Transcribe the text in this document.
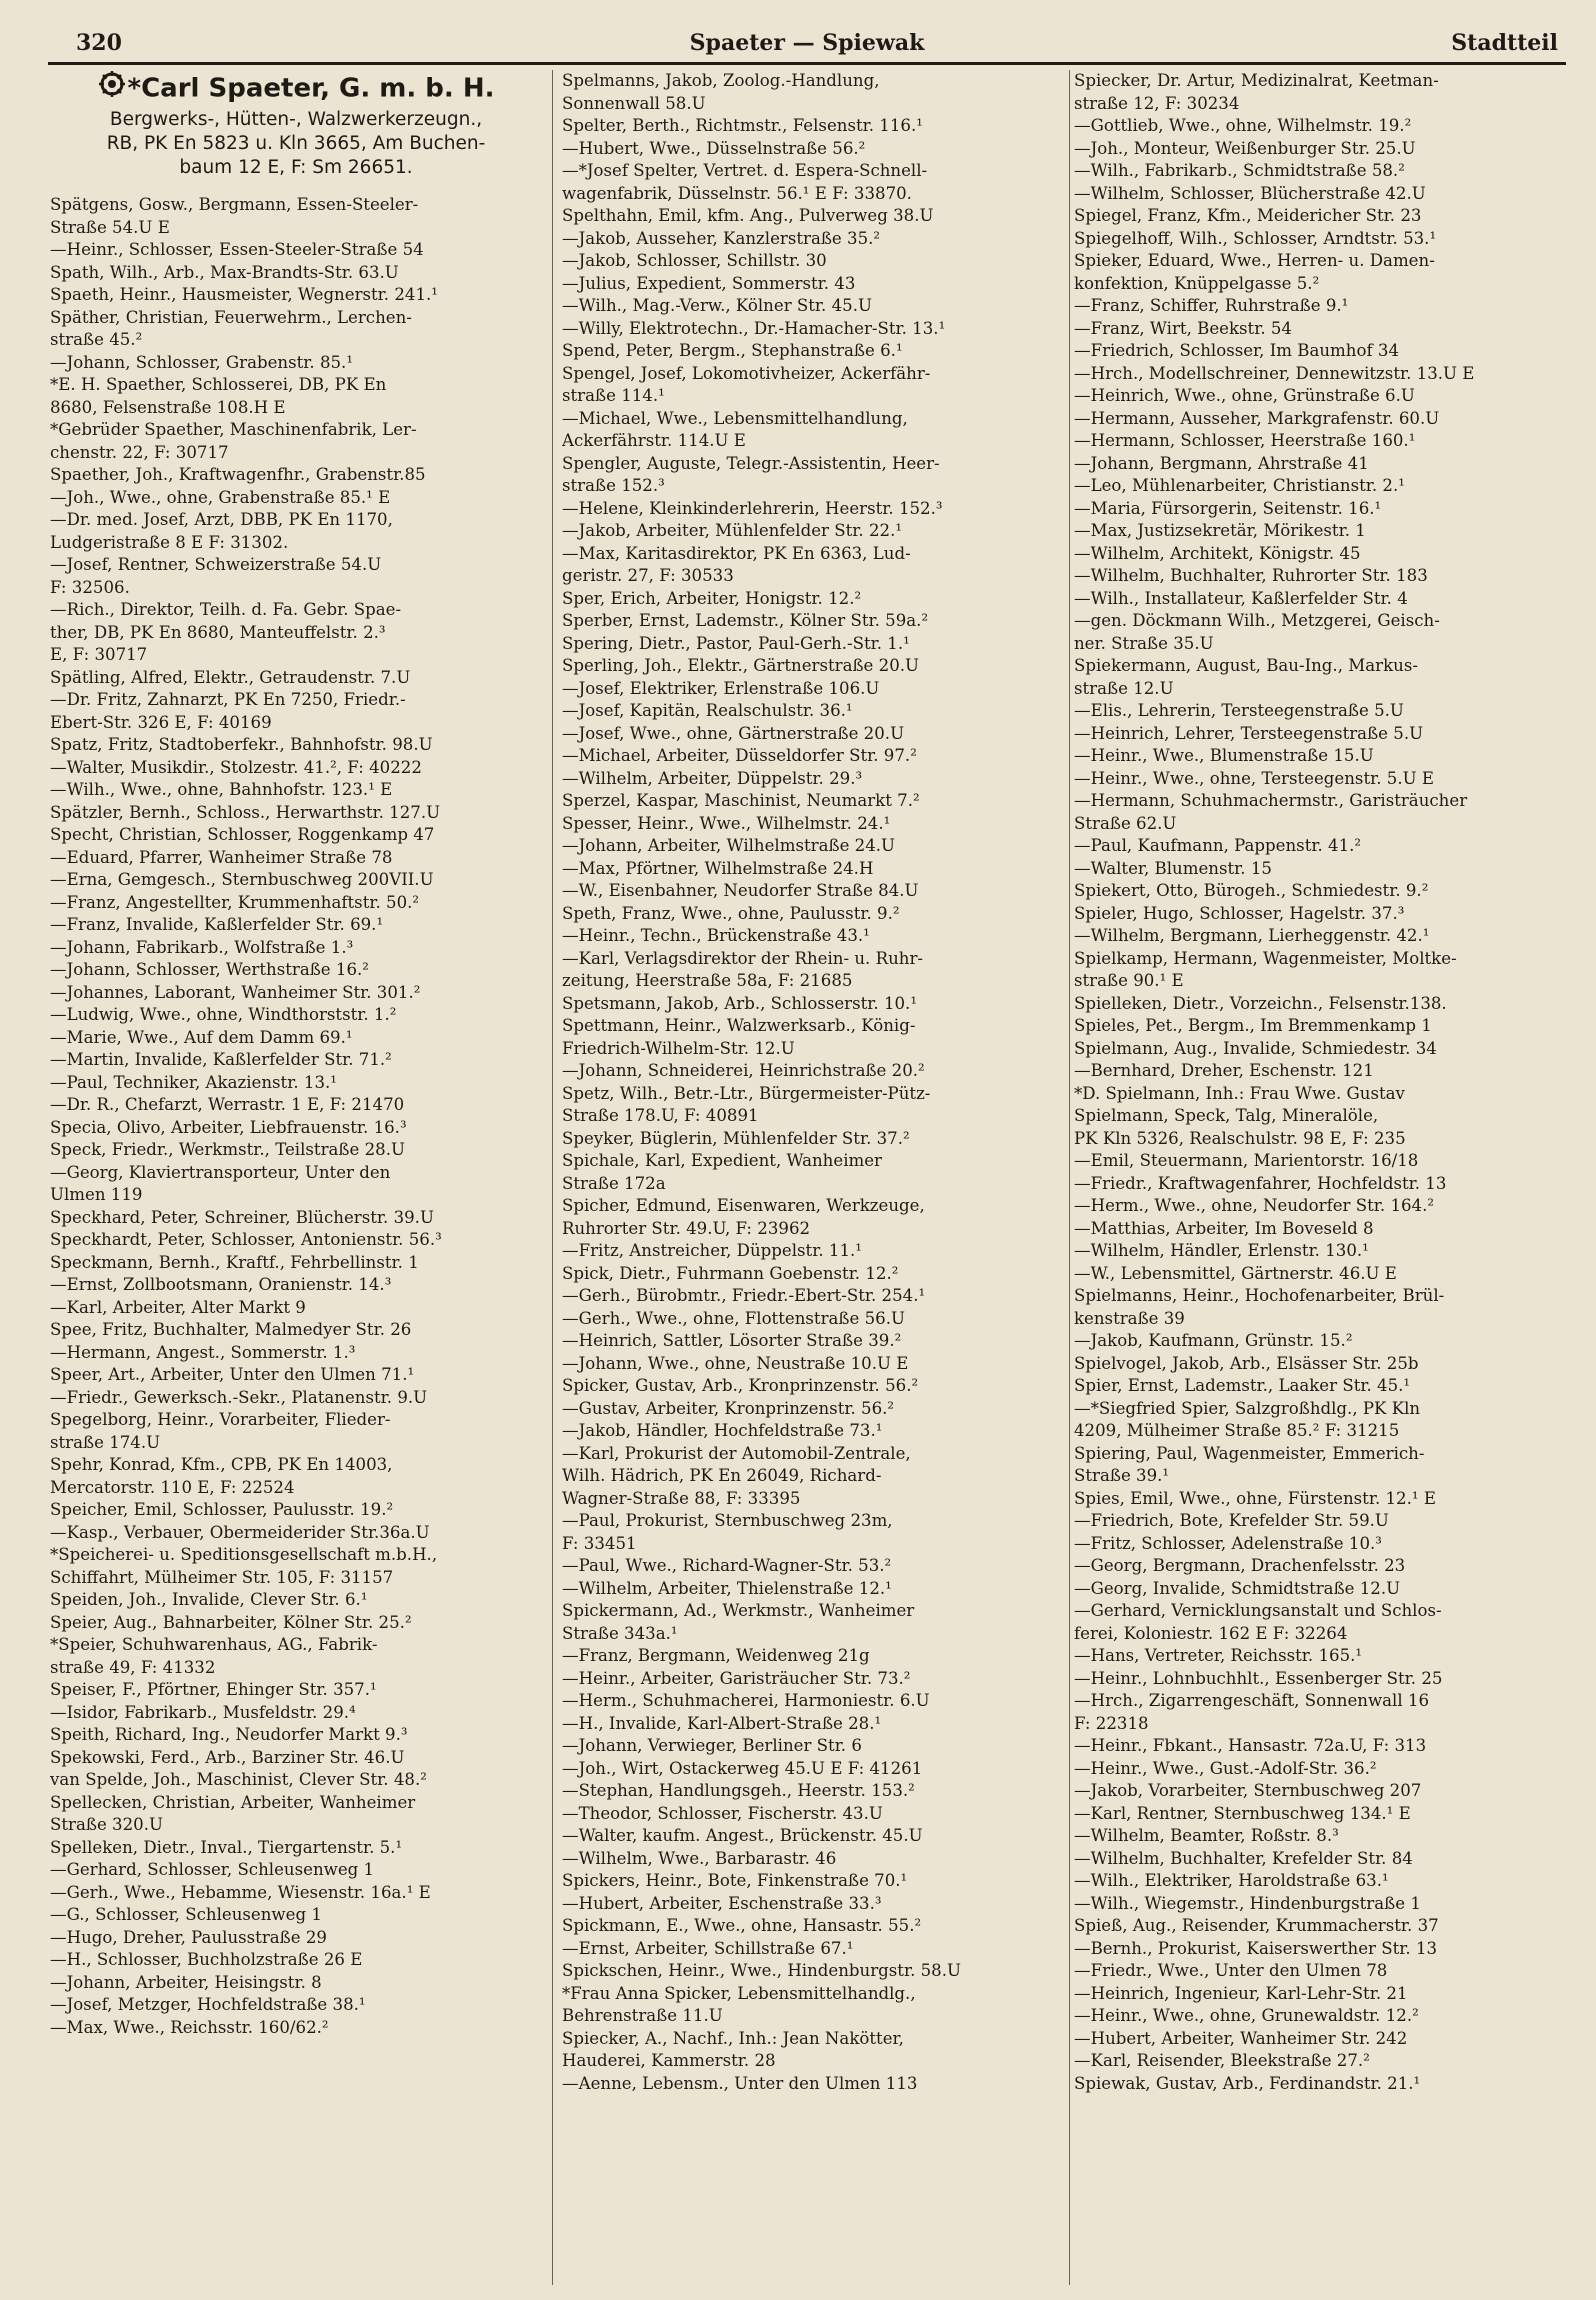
320	Spaeter — Spiewak	Stadtteil
*Carl Spaeter, G. m. b. H.
Bergwerks-, Hütten-, Walzwerkerzeugn.,
RB, PK En 5823 u. Kln 3665, Am Buchen-
baum 12 E, F: Sm 26651.
Spätgens, Gosw., Bergmann, Essen-Steeler-
Straße 54.U E
—Heinr., Schlosser, Essen-Steeler-Straße 54
Spath, Wilh., Arb., Max-Brandts-Str. 63.U
Spaeth, Heinr., Hausmeister, Wegnerstr. 241.¹
Späther, Christian, Feuerwehrm., Lerchen-
straße 45.²
—Johann, Schlosser, Grabenstr. 85.¹
*E. H. Spaether, Schlosserei, DB, PK En
8680, Felsenstraße 108.H E
*Gebrüder Spaether, Maschinenfabrik, Ler-
chenstr. 22, F: 30717
Spaether, Joh., Kraftwagenfhr., Grabenstr.85
—Joh., Wwe., ohne, Grabenstraße 85.¹ E
—Dr. med. Josef, Arzt, DBB, PK En 1170,
Ludgeristraße 8 E F: 31302.
—Josef, Rentner, Schweizerstraße 54.U
F: 32506.
—Rich., Direktor, Teilh. d. Fa. Gebr. Spae-
ther, DB, PK En 8680, Manteuffelstr. 2.³
E, F: 30717
Spätling, Alfred, Elektr., Getraudenstr. 7.U
—Dr. Fritz, Zahnarzt, PK En 7250, Friedr.-
Ebert-Str. 326 E, F: 40169
Spatz, Fritz, Stadtoberfekr., Bahnhofstr. 98.U
—Walter, Musikdir., Stolzestr. 41.², F: 40222
—Wilh., Wwe., ohne, Bahnhofstr. 123.¹ E
Spätzler, Bernh., Schloss., Herwarthstr. 127.U
Specht, Christian, Schlosser, Roggenkamp 47
—Eduard, Pfarrer, Wanheimer Straße 78
—Erna, Gemgesch., Sternbuschweg 200VII.U
—Franz, Angestellter, Krummenhaftstr. 50.²
—Franz, Invalide, Kaßlerfelder Str. 69.¹
—Johann, Fabrikarb., Wolfstraße 1.³
—Johann, Schlosser, Werthstraße 16.²
—Johannes, Laborant, Wanheimer Str. 301.²
—Ludwig, Wwe., ohne, Windthorststr. 1.²
—Marie, Wwe., Auf dem Damm 69.¹
—Martin, Invalide, Kaßlerfelder Str. 71.²
—Paul, Techniker, Akazienstr. 13.¹
—Dr. R., Chefarzt, Werrastr. 1 E, F: 21470
Specia, Olivo, Arbeiter, Liebfrauenstr. 16.³
Speck, Friedr., Werkmstr., Teilstraße 28.U
—Georg, Klaviertransporteur, Unter den
Ulmen 119
Speckhard, Peter, Schreiner, Blücherstr. 39.U
Speckhardt, Peter, Schlosser, Antonienstr. 56.³
Speckmann, Bernh., Kraftf., Fehrbellinstr. 1
—Ernst, Zollbootsmann, Oranienstr. 14.³
—Karl, Arbeiter, Alter Markt 9
Spee, Fritz, Buchhalter, Malmedyer Str. 26
—Hermann, Angest., Sommerstr. 1.³
Speer, Art., Arbeiter, Unter den Ulmen 71.¹
—Friedr., Gewerksch.-Sekr., Platanenstr. 9.U
Spegelborg, Heinr., Vorarbeiter, Flieder-
straße 174.U
Spehr, Konrad, Kfm., CPB, PK En 14003,
Mercatorstr. 110 E, F: 22524
Speicher, Emil, Schlosser, Paulusstr. 19.²
—Kasp., Verbauer, Obermeiderider Str.36a.U
*Speicherei- u. Speditionsgesellschaft m.b.H.,
Schiffahrt, Mülheimer Str. 105, F: 31157
Speiden, Joh., Invalide, Clever Str. 6.¹
Speier, Aug., Bahnarbeiter, Kölner Str. 25.²
*Speier, Schuhwarenhaus, AG., Fabrik-
straße 49, F: 41332
Speiser, F., Pförtner, Ehinger Str. 357.¹
—Isidor, Fabrikarb., Musfeldstr. 29.⁴
Speith, Richard, Ing., Neudorfer Markt 9.³
Spekowski, Ferd., Arb., Barziner Str. 46.U
van Spelde, Joh., Maschinist, Clever Str. 48.²
Spellecken, Christian, Arbeiter, Wanheimer
Straße 320.U
Spelleken, Dietr., Inval., Tiergartenstr. 5.¹
—Gerhard, Schlosser, Schleusenweg 1
—Gerh., Wwe., Hebamme, Wiesenstr. 16a.¹ E
—G., Schlosser, Schleusenweg 1
—Hugo, Dreher, Paulusstraße 29
—H., Schlosser, Buchholzstraße 26 E
—Johann, Arbeiter, Heisingstr. 8
—Josef, Metzger, Hochfeldstraße 38.¹
—Max, Wwe., Reichsstr. 160/62.²
Spelmanns, Jakob, Zoolog.-Handlung,
Sonnenwall 58.U
Spelter, Berth., Richtmstr., Felsenstr. 116.¹
—Hubert, Wwe., Düsselnstraße 56.²
—*Josef Spelter, Vertret. d. Espera-Schnell-
wagenfabrik, Düsselnstr. 56.¹ E F: 33870.
Spelthahn, Emil, kfm. Ang., Pulverweg 38.U
—Jakob, Ausseher, Kanzlerstraße 35.²
—Jakob, Schlosser, Schillstr. 30
—Julius, Expedient, Sommerstr. 43
—Wilh., Mag.-Verw., Kölner Str. 45.U
—Willy, Elektrotechn., Dr.-Hamacher-Str. 13.¹
Spend, Peter, Bergm., Stephanstraße 6.¹
Spengel, Josef, Lokomotivheizer, Ackerfähr-
straße 114.¹
—Michael, Wwe., Lebensmittelhandlung,
Ackerfährstr. 114.U E
Spengler, Auguste, Telegr.-Assistentin, Heer-
straße 152.³
—Helene, Kleinkinderlehrerin, Heerstr. 152.³
—Jakob, Arbeiter, Mühlenfelder Str. 22.¹
—Max, Karitasdirektor, PK En 6363, Lud-
geristr. 27, F: 30533
Sper, Erich, Arbeiter, Honigstr. 12.²
Sperber, Ernst, Lademstr., Kölner Str. 59a.²
Spering, Dietr., Pastor, Paul-Gerh.-Str. 1.¹
Sperling, Joh., Elektr., Gärtnerstraße 20.U
—Josef, Elektriker, Erlenstraße 106.U
—Josef, Kapitän, Realschulstr. 36.¹
—Josef, Wwe., ohne, Gärtnerstraße 20.U
—Michael, Arbeiter, Düsseldorfer Str. 97.²
—Wilhelm, Arbeiter, Düppelstr. 29.³
Sperzel, Kaspar, Maschinist, Neumarkt 7.²
Spesser, Heinr., Wwe., Wilhelmstr. 24.¹
—Johann, Arbeiter, Wilhelmstraße 24.U
—Max, Pförtner, Wilhelmstraße 24.H
—W., Eisenbahner, Neudorfer Straße 84.U
Speth, Franz, Wwe., ohne, Paulusstr. 9.²
—Heinr., Techn., Brückenstraße 43.¹
—Karl, Verlagsdirektor der Rhein- u. Ruhr-
zeitung, Heerstraße 58a, F: 21685
Spetsmann, Jakob, Arb., Schlosserstr. 10.¹
Spettmann, Heinr., Walzwerksarb., König-
Friedrich-Wilhelm-Str. 12.U
—Johann, Schneiderei, Heinrichstraße 20.²
Spetz, Wilh., Betr.-Ltr., Bürgermeister-Pütz-
Straße 178.U, F: 40891
Speyker, Büglerin, Mühlenfelder Str. 37.²
Spichale, Karl, Expedient, Wanheimer
Straße 172a
Spicher, Edmund, Eisenwaren, Werkzeuge,
Ruhrorter Str. 49.U, F: 23962
—Fritz, Anstreicher, Düppelstr. 11.¹
Spick, Dietr., Fuhrmann Goebenstr. 12.²
—Gerh., Bürobmtr., Friedr.-Ebert-Str. 254.¹
—Gerh., Wwe., ohne, Flottenstraße 56.U
—Heinrich, Sattler, Lösorter Straße 39.²
—Johann, Wwe., ohne, Neustraße 10.U E
Spicker, Gustav, Arb., Kronprinzenstr. 56.²
—Gustav, Arbeiter, Kronprinzenstr. 56.²
—Jakob, Händler, Hochfeldstraße 73.¹
—Karl, Prokurist der Automobil-Zentrale,
Wilh. Hädrich, PK En 26049, Richard-
Wagner-Straße 88, F: 33395
—Paul, Prokurist, Sternbuschweg 23m,
F: 33451
—Paul, Wwe., Richard-Wagner-Str. 53.²
—Wilhelm, Arbeiter, Thielenstraße 12.¹
Spickermann, Ad., Werkmstr., Wanheimer
Straße 343a.¹
—Franz, Bergmann, Weidenweg 21g
—Heinr., Arbeiter, Garisträucher Str. 73.²
—Herm., Schuhmacherei, Harmoniestr. 6.U
—H., Invalide, Karl-Albert-Straße 28.¹
—Johann, Verwieger, Berliner Str. 6
—Joh., Wirt, Ostackerweg 45.U E F: 41261
—Stephan, Handlungsgeh., Heerstr. 153.²
—Theodor, Schlosser, Fischerstr. 43.U
—Walter, kaufm. Angest., Brückenstr. 45.U
—Wilhelm, Wwe., Barbarastr. 46
Spickers, Heinr., Bote, Finkenstraße 70.¹
—Hubert, Arbeiter, Eschenstraße 33.³
Spickmann, E., Wwe., ohne, Hansastr. 55.²
—Ernst, Arbeiter, Schillstraße 67.¹
Spickschen, Heinr., Wwe., Hindenburgstr. 58.U
*Frau Anna Spicker, Lebensmittelhandlg.,
Behrenstraße 11.U
Spiecker, A., Nachf., Inh.: Jean Nakötter,
Hauderei, Kammerstr. 28
—Aenne, Lebensm., Unter den Ulmen 113
Spiecker, Dr. Artur, Medizinalrat, Keetman-
straße 12, F: 30234
—Gottlieb, Wwe., ohne, Wilhelmstr. 19.²
—Joh., Monteur, Weißenburger Str. 25.U
—Wilh., Fabrikarb., Schmidtstraße 58.²
—Wilhelm, Schlosser, Blücherstraße 42.U
Spiegel, Franz, Kfm., Meidericher Str. 23
Spiegelhoff, Wilh., Schlosser, Arndtstr. 53.¹
Spieker, Eduard, Wwe., Herren- u. Damen-
konfektion, Knüppelgasse 5.²
—Franz, Schiffer, Ruhrstraße 9.¹
—Franz, Wirt, Beekstr. 54
—Friedrich, Schlosser, Im Baumhof 34
—Hrch., Modellschreiner, Dennewitzstr. 13.U E
—Heinrich, Wwe., ohne, Grünstraße 6.U
—Hermann, Ausseher, Markgrafenstr. 60.U
—Hermann, Schlosser, Heerstraße 160.¹
—Johann, Bergmann, Ahrstraße 41
—Leo, Mühlenarbeiter, Christianstr. 2.¹
—Maria, Fürsorgerin, Seitenstr. 16.¹
—Max, Justizsekretär, Mörikestr. 1
—Wilhelm, Architekt, Königstr. 45
—Wilhelm, Buchhalter, Ruhrorter Str. 183
—Wilh., Installateur, Kaßlerfelder Str. 4
—gen. Döckmann Wilh., Metzgerei, Geisch-
ner. Straße 35.U
Spiekermann, August, Bau-Ing., Markus-
straße 12.U
—Elis., Lehrerin, Tersteegenstraße 5.U
—Heinrich, Lehrer, Tersteegenstraße 5.U
—Heinr., Wwe., Blumenstraße 15.U
—Heinr., Wwe., ohne, Tersteegenstr. 5.U E
—Hermann, Schuhmachermstr., Garisträucher
Straße 62.U
—Paul, Kaufmann, Pappenstr. 41.²
—Walter, Blumenstr. 15
Spiekert, Otto, Bürogeh., Schmiedestr. 9.²
Spieler, Hugo, Schlosser, Hagelstr. 37.³
—Wilhelm, Bergmann, Lierheggenstr. 42.¹
Spielkamp, Hermann, Wagenmeister, Moltke-
straße 90.¹ E
Spielleken, Dietr., Vorzeichn., Felsenstr.138.
Spieles, Pet., Bergm., Im Bremmenkamp 1
Spielmann, Aug., Invalide, Schmiedestr. 34
—Bernhard, Dreher, Eschenstr. 121
*D. Spielmann, Inh.: Frau Wwe. Gustav
Spielmann, Speck, Talg, Mineralöle,
PK Kln 5326, Realschulstr. 98 E, F: 235
—Emil, Steuermann, Marientorstr. 16/18
—Friedr., Kraftwagenfahrer, Hochfeldstr. 13
—Herm., Wwe., ohne, Neudorfer Str. 164.²
—Matthias, Arbeiter, Im Boveseld 8
—Wilhelm, Händler, Erlenstr. 130.¹
—W., Lebensmittel, Gärtnerstr. 46.U E
Spielmanns, Heinr., Hochofenarbeiter, Brül-
kenstraße 39
—Jakob, Kaufmann, Grünstr. 15.²
Spielvogel, Jakob, Arb., Elsässer Str. 25b
Spier, Ernst, Lademstr., Laaker Str. 45.¹
—*Siegfried Spier, Salzgroßhdlg., PK Kln
4209, Mülheimer Straße 85.² F: 31215
Spiering, Paul, Wagenmeister, Emmerich-
Straße 39.¹
Spies, Emil, Wwe., ohne, Fürstenstr. 12.¹ E
—Friedrich, Bote, Krefelder Str. 59.U
—Fritz, Schlosser, Adelenstraße 10.³
—Georg, Bergmann, Drachenfelsstr. 23
—Georg, Invalide, Schmidtstraße 12.U
—Gerhard, Vernicklungsanstalt und Schlos-
ferei, Koloniestr. 162 E F: 32264
—Hans, Vertreter, Reichsstr. 165.¹
—Heinr., Lohnbuchhlt., Essenberger Str. 25
—Hrch., Zigarrengeschäft, Sonnenwall 16
F: 22318
—Heinr., Fbkant., Hansastr. 72a.U, F: 313
—Heinr., Wwe., Gust.-Adolf-Str. 36.²
—Jakob, Vorarbeiter, Sternbuschweg 207
—Karl, Rentner, Sternbuschweg 134.¹ E
—Wilhelm, Beamter, Roßstr. 8.³
—Wilhelm, Buchhalter, Krefelder Str. 84
—Wilh., Elektriker, Haroldstraße 63.¹
—Wilh., Wiegemstr., Hindenburgstraße 1
Spieß, Aug., Reisender, Krummacherstr. 37
—Bernh., Prokurist, Kaiserswerther Str. 13
—Friedr., Wwe., Unter den Ulmen 78
—Heinrich, Ingenieur, Karl-Lehr-Str. 21
—Heinr., Wwe., ohne, Grunewaldstr. 12.²
—Hubert, Arbeiter, Wanheimer Str. 242
—Karl, Reisender, Bleekstraße 27.²
Spiewak, Gustav, Arb., Ferdinandstr. 21.¹
